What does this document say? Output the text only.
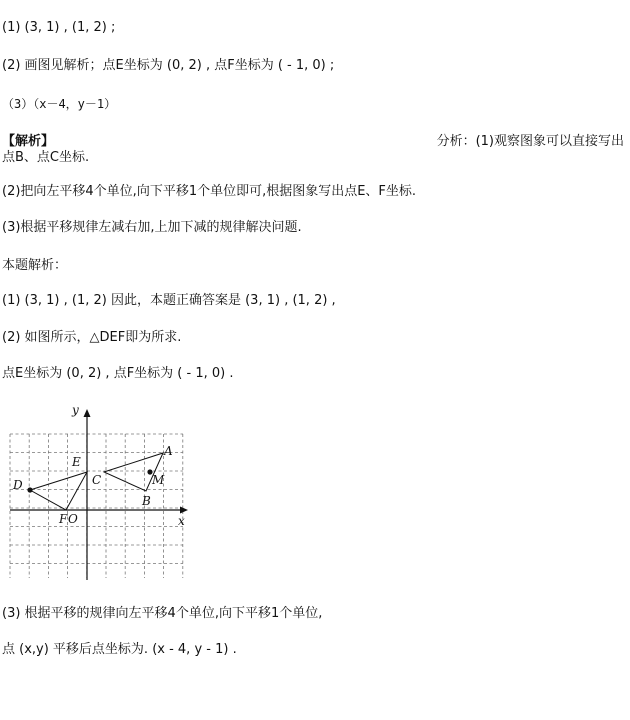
(1) (3, 1) , (1, 2) ;
(2) 画图见解析；点E坐标为 (0, 2) , 点F坐标为 ( - 1, 0) ;
（3）（x－4，y－1）
【解析】	分析：(1)观察图象可以直接写出
点B、点C坐标.
(2)把向左平移4个单位,向下平移1个单位即可,根据图象写出点E、F坐标.
(3)根据平移规律左减右加,上加下减的规律解决问题.
本题解析：
(1) (3, 1) , (1, 2) 因此，本题正确答案是 (3, 1) , (1, 2) ,
(2) 如图所示，△DEF即为所求.
点E坐标为 (0, 2) , 点F坐标为 ( - 1, 0) .
y
x
A
B
C
D
E
F O
M
(3) 根据平移的规律向左平移4个单位,向下平移1个单位,
点 (x,y) 平移后点坐标为. (x - 4, y - 1) .
